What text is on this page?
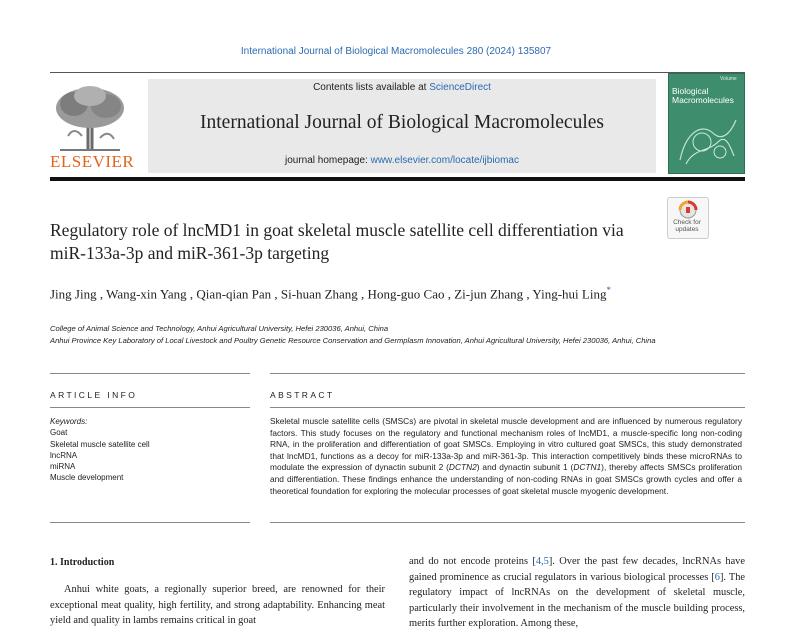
International Journal of Biological Macromolecules 280 (2024) 135807
ELSEVIER
Contents lists available at ScienceDirect
International Journal of Biological Macromolecules
journal homepage: www.elsevier.com/locate/ijbiomac
Volume
Biological Macromolecules
Check for updates
Regulatory role of lncMD1 in goat skeletal muscle satellite cell differentiation via miR-133a-3p and miR-361-3p targeting
Jing Jing , Wang-xin Yang , Qian-qian Pan , Si-huan Zhang , Hong-guo Cao , Zi-jun Zhang , Ying-hui Ling*
College of Animal Science and Technology, Anhui Agricultural University, Hefei 230036, Anhui, China
Anhui Province Key Laboratory of Local Livestock and Poultry Genetic Resource Conservation and Germplasm Innovation, Anhui Agricultural University, Hefei 230036, Anhui, China
ARTICLE INFO	ABSTRACT
Keywords:
Goat
Skeletal muscle satellite cell
lncRNA
miRNA
Muscle development
Skeletal muscle satellite cells (SMSCs) are pivotal in skeletal muscle development and are influenced by numerous regulatory factors. This study focuses on the regulatory and functional mechanism roles of lncMD1, a muscle-specific long non-coding RNA, in the proliferation and differentiation of goat SMSCs. Employing in vitro cultured goat SMSCs, this study demonstrated that lncMD1, functions as a decoy for miR-133a-3p and miR-361-3p. This interaction competitively binds these microRNAs to modulate the expression of dynactin subunit 2 (DCTN2) and dynactin subunit 1 (DCTN1), thereby affects SMSCs proliferation and differentiation. These findings enhance the understanding of non-coding RNAs in goat SMSCs growth cycles and offer a theoretical foundation for exploring the molecular processes of goat skeletal muscle myogenic development.
1. Introduction
Anhui white goats, a regionally superior breed, are renowned for their exceptional meat quality, high fertility, and strong adaptability. Enhancing meat yield and quality in lambs remains critical in goat
and do not encode proteins [4,5]. Over the past few decades, lncRNAs have gained prominence as crucial regulators in various biological processes [6]. The regulatory impact of lncRNAs on the development of skeletal muscle, particularly their involvement in the mechanism of the muscle building process, merits further exploration. Among these,
